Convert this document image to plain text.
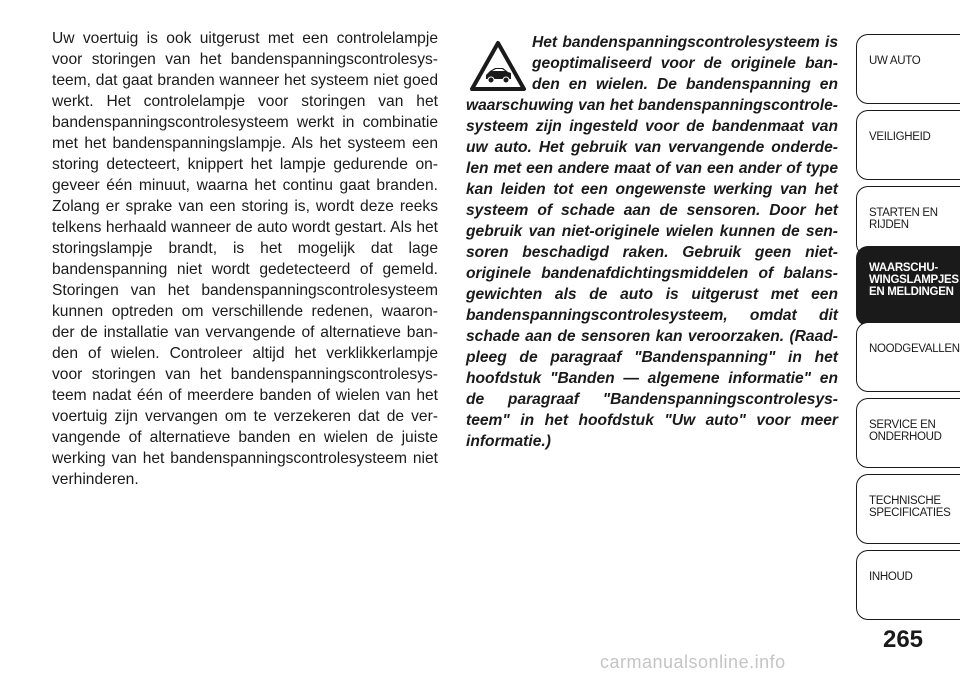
Uw voertuig is ook uitgerust met een controlelampje voor storingen van het bandenspanningscontrolesys-teem, dat gaat branden wanneer het systeem niet goed werkt. Het controlelampje voor storingen van het bandenspanningscontrolesysteem werkt in combinatie met het bandenspanningslampje. Als het systeem een storing detecteert, knippert het lampje gedurende on-geveer één minuut, waarna het continu gaat branden. Zolang er sprake van een storing is, wordt deze reeks telkens herhaald wanneer de auto wordt gestart. Als het storingslampje brandt, is het mogelijk dat lage bandenspanning niet wordt gedetecteerd of gemeld. Storingen van het bandenspanningscontrolesysteem kunnen optreden om verschillende redenen, waaron-der de installatie van vervangende of alternatieve ban-den of wielen. Controleer altijd het verklikkerlampje voor storingen van het bandenspanningscontrolesys-teem nadat één of meerdere banden of wielen van het voertuig zijn vervangen om te verzekeren dat de ver-vangende of alternatieve banden en wielen de juiste werking van het bandenspanningscontrolesysteem niet verhinderen.

Het bandenspanningscontrolesysteem is geoptimaliseerd voor de originele ban-den en wielen. De bandenspanning en waarschuwing van het bandenspanningscontrole-systeem zijn ingesteld voor de bandenmaat van uw auto. Het gebruik van vervangende onderde-len met een andere maat of van een ander of type kan leiden tot een ongewenste werking van het systeem of schade aan de sensoren. Door het gebruik van niet-originele wielen kunnen de sen-soren beschadigd raken. Gebruik geen niet-originele bandenafdichtingsmiddelen of balans-gewichten als de auto is uitgerust met een bandenspanningscontrolesysteem, omdat dit schade aan de sensoren kan veroorzaken. (Raad-pleeg de paragraaf "Bandenspanning" in het hoofdstuk "Banden — algemene informatie" en de paragraaf "Bandenspanningscontrolesys-teem" in het hoofdstuk "Uw auto" voor meer informatie.)
UW AUTO
VEILIGHEID
STARTEN EN
RIJDEN
WAARSCHU-
WINGSLAMPJES
EN MELDINGEN
NOODGEVALLEN
SERVICE EN
ONDERHOUD
TECHNISCHE
SPECIFICATIES
INHOUD
265
carmanualsonline.info
